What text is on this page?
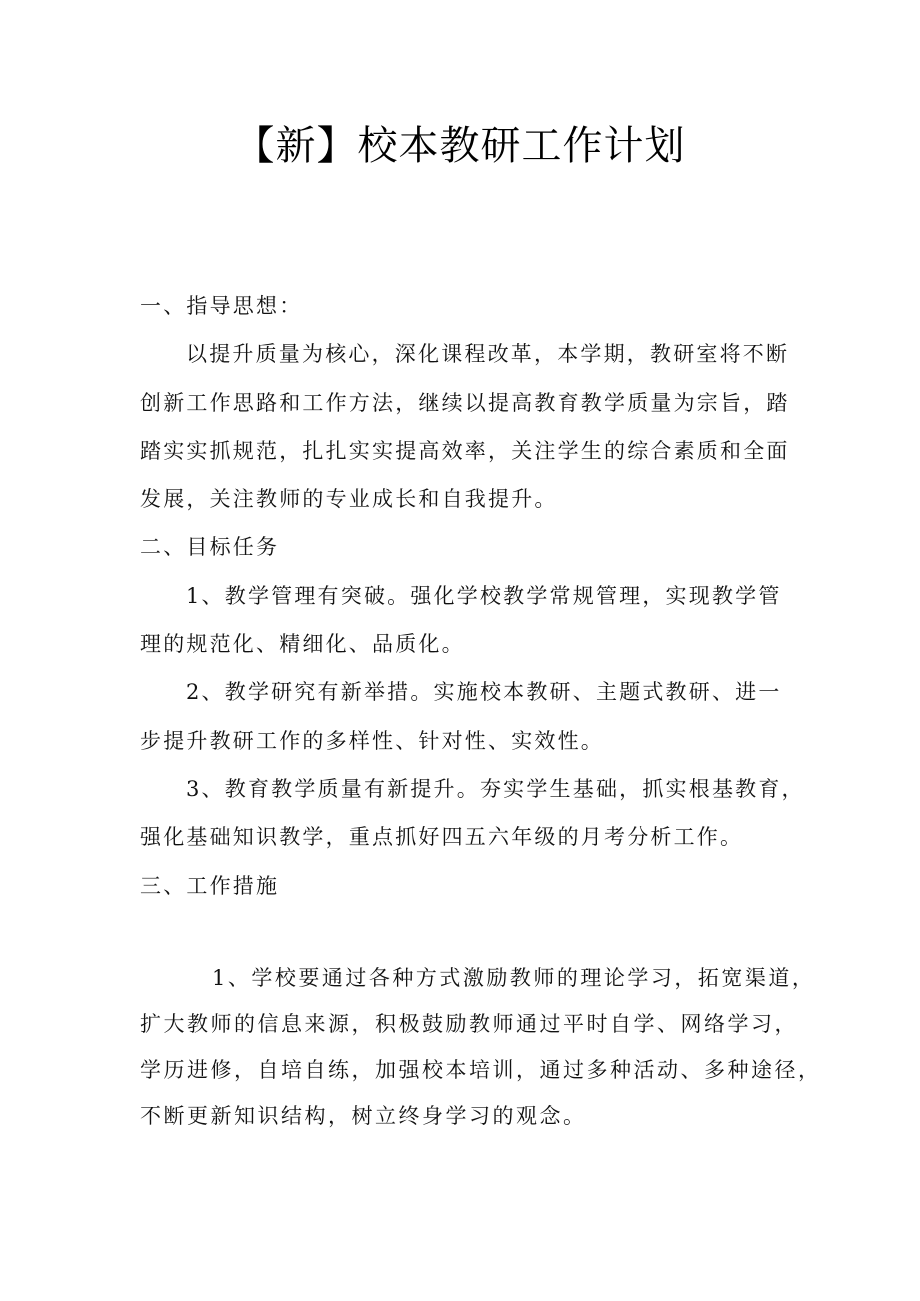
【新】校本教研工作计划

一、指导思想：

以提升质量为核心，深化课程改革，本学期，教研室将不断

创新工作思路和工作方法，继续以提高教育教学质量为宗旨，踏

踏实实抓规范，扎扎实实提高效率，关注学生的综合素质和全面

发展，关注教师的专业成长和自我提升。

二、目标任务

1、教学管理有突破。强化学校教学常规管理，实现教学管

理的规范化、精细化、品质化。

2、教学研究有新举措。实施校本教研、主题式教研、进一

步提升教研工作的多样性、针对性、实效性。

3、教育教学质量有新提升。夯实学生基础，抓实根基教育，

强化基础知识教学，重点抓好四五六年级的月考分析工作。

三、工作措施

1、学校要通过各种方式激励教师的理论学习，拓宽渠道，

扩大教师的信息来源，积极鼓励教师通过平时自学、网络学习，

学历进修，自培自练，加强校本培训，通过多种活动、多种途径，

不断更新知识结构，树立终身学习的观念。
